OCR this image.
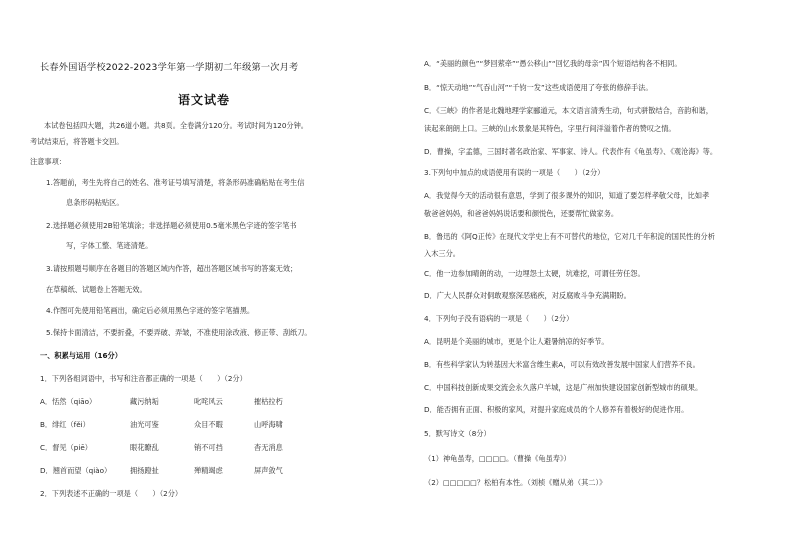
长春外国语学校2022-2023学年第一学期初二年级第一次月考
语文试卷
本试卷包括四大题，共26道小题。共8页。全卷满分120分。考试时间为120分钟。
考试结束后，将答题卡交回。
注意事项：
1.答题前，考生先将自己的姓名、准考证号填写清楚，将条形码准确粘贴在考生信
息条形码粘贴区。
2.选择题必须使用2B铅笔填涂；非选择题必须使用0.5毫米黑色字迹的签字笔书
写，字体工整、笔迹清楚。
3.请按照题号顺序在各题目的答题区域内作答，超出答题区域书写的答案无效；
在草稿纸、试题卷上答题无效。
4.作图可先使用铅笔画出，确定后必须用黑色字迹的签字笔描黑。
5.保持卡面清洁，不要折叠，不要弄破、弄皱，不准使用涂改液、修正带、刮纸刀。
一、积累与运用（16分）
1．下列各组词语中，书写和注音都正确的一项是（　　）（2分）
A．恬然（qiāo）	藏污纳垢	叱咤风云	摧枯拉朽
B．绯红（fěi）	油光可鉴	众目不暇	山呼海啸
C．督见（piē）	眼花瞭乱	销不可挡	杳无消息
D．翘首而望（qiào）	拥扬蹬扯	殚精竭虑	屏声敛气
2．下列表述不正确的一项是（　　）（2分）
A．“美丽的颜色”“梦回萦牵”“愚公移山”“回忆我的母亲”四个短语结构各不相同。
B．“惊天动地”“气吞山河”“千钧一发”这些成语使用了夸张的修辞手法。
C．《三峡》的作者是北魏地理学家郦道元，本文语言清秀生动，句式骈散结合，音韵和谐，
读起来朗朗上口。三峡的山水景象是其特色，字里行间洋溢着作者的赞叹之情。
D．曹操，字孟德，三国时著名政治家、军事家、诗人。代表作有《龟虽寿》、《观沧海》等。
3.下列句中加点的成语使用有误的一项是（　　）（2分）
A．我觉得今天的活动很有意思，学到了很多课外的知识，知道了要怎样孝敬父母，比如孝
敬爸爸妈妈，和爸爸妈妈说话要和颜悦色，还要帮忙做家务。
B．鲁迅的《阿Q正传》在现代文学史上有不可替代的地位，它对几千年积淀的国民性的分析
入木三分。
C．他一边参加晴朗的动，一边埋怨土太硬，坑难挖，可谓任劳任怨。
D．广大人民群众对侗敢观察深恶痛疾，对反腐败斗争充满期盼。
4．下列句子没有语病的一项是（　　）（2分）
A．昆明是个美丽的城市，更是个让人避暑纳凉的好季节。
B．有些科学家认为转基因大米富含维生素A，可以有效改善发展中国家人们营养不良。
C．中国科技创新成果交流会永久落户羊城，这是广州加快建设国家创新型城市的硕果。
D．能否拥有正面、积极的家风，对提升家庭成员的个人修养有着极好的促进作用。
5．默写诗文（8分）
（1）神龟虽寿，□□□□。（曹操《龟虽寿》）
（2）□□□□□？松柏有本性。（刘桢《赠从弟（其二）》
